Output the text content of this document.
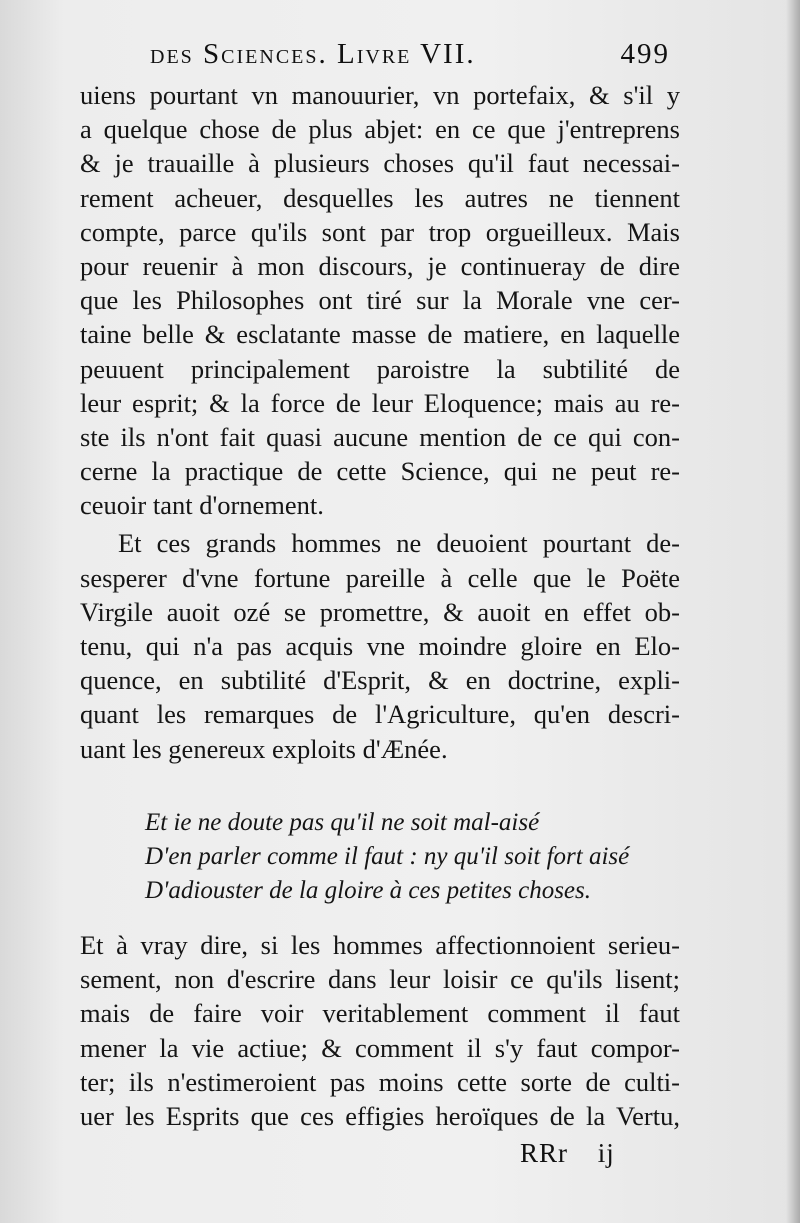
des Sciences. Livre VII.	499
uiens pourtant vn manouurier, vn portefaix, & s'il y
a quelque chose de plus abjet: en ce que j'entreprens
& je trauaille à plusieurs choses qu'il faut necessai-
rement acheuer, desquelles les autres ne tiennent
compte, parce qu'ils sont par trop orgueilleux. Mais
pour reuenir à mon discours, je continueray de dire
que les Philosophes ont tiré sur la Morale vne cer-
taine belle & esclatante masse de matiere, en laquelle
peuuent principalement paroistre la subtilité de
leur esprit; & la force de leur Eloquence; mais au re-
ste ils n'ont fait quasi aucune mention de ce qui con-
cerne la practique de cette Science, qui ne peut re-
ceuoir tant d'ornement.
Et ces grands hommes ne deuoient pourtant de-
sesperer d'vne fortune pareille à celle que le Poëte
Virgile auoit ozé se promettre, & auoit en effet ob-
tenu, qui n'a pas acquis vne moindre gloire en Elo-
quence, en subtilité d'Esprit, & en doctrine, expli-
quant les remarques de l'Agriculture, qu'en descri-
uant les genereux exploits d'Ænée.
Et ie ne doute pas qu'il ne soit mal-aisé
D'en parler comme il faut : ny qu'il soit fort aisé
D'adiouster de la gloire à ces petites choses.
Et à vray dire, si les hommes affectionnoient serieu-
sement, non d'escrire dans leur loisir ce qu'ils lisent;
mais de faire voir veritablement comment il faut
mener la vie actiue; & comment il s'y faut compor-
ter; ils n'estimeroient pas moins cette sorte de culti-
uer les Esprits que ces effigies heroïques de la Vertu,
RRr ij
